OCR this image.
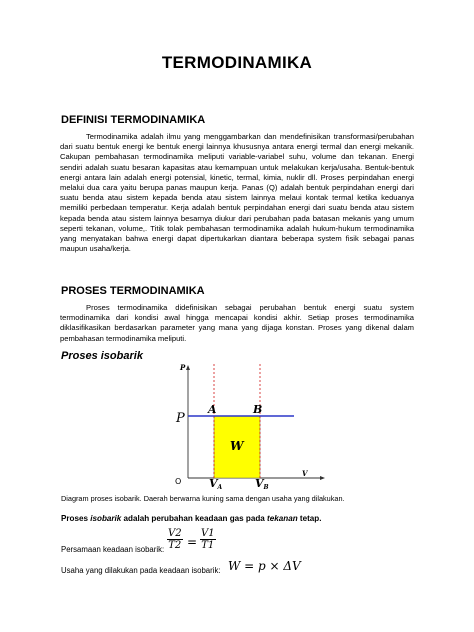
TERMODINAMIKA
DEFINISI TERMODINAMIKA

Termodinamika adalah ilmu yang menggambarkan dan mendefinisikan transformasi/perubahan dari suatu bentuk energi ke bentuk energi lainnya khususnya antara energi termal dan energi mekanik. Cakupan pembahasan termodinamika meliputi variable-variabel suhu, volume dan tekanan. Energi sendiri adalah suatu besaran kapasitas atau kemampuan untuk melakukan kerja/usaha. Bentuk-bentuk energi antara lain adalah energi potensial, kinetic, termal, kimia, nuklir dll. Proses perpindahan energi melalui dua cara yaitu berupa panas maupun kerja. Panas (Q) adalah bentuk perpindahan energi dari suatu benda atau sistem kepada benda atau sistem lainnya melaui kontak termal ketika keduanya memiliki perbedaan temperatur. Kerja adalah bentuk perpindahan energi dari suatu benda atau sistem kepada benda atau sistem lainnya besarnya diukur dari perubahan pada batasan mekanis yang umum seperti tekanan, volume,. Titik tolak pembahasan termodinamika adalah hukum-hukum termodinamika yang menyatakan bahwa energi dapat dipertukarkan diantara beberapa system fisik sebagai panas maupun usaha/kerja.

PROSES TERMODINAMIKA

Proses termodinamika didefinisikan sebagai perubahan bentuk energi suatu system termodinamika dari kondisi awal hingga mencapai kondisi akhir. Setiap proses termodinamika diklasifikasikan berdasarkan parameter yang mana yang dijaga konstan. Proses yang dikenal dalam pembahasan termodinamika meliputi.

Proses isobarik
P
V
O
P
A	B
W
VA	VB
Diagram proses isobarik. Daerah berwarna kuning sama dengan usaha yang dilakukan.
Proses isobarik adalah perubahan keadaan gas pada tekanan tetap.
Persamaan keadaan isobarik: $\frac{V2}{T2} = \frac{V1}{T1}$
Usaha yang dilakukan pada keadaan isobarik: W = p × ΔV
